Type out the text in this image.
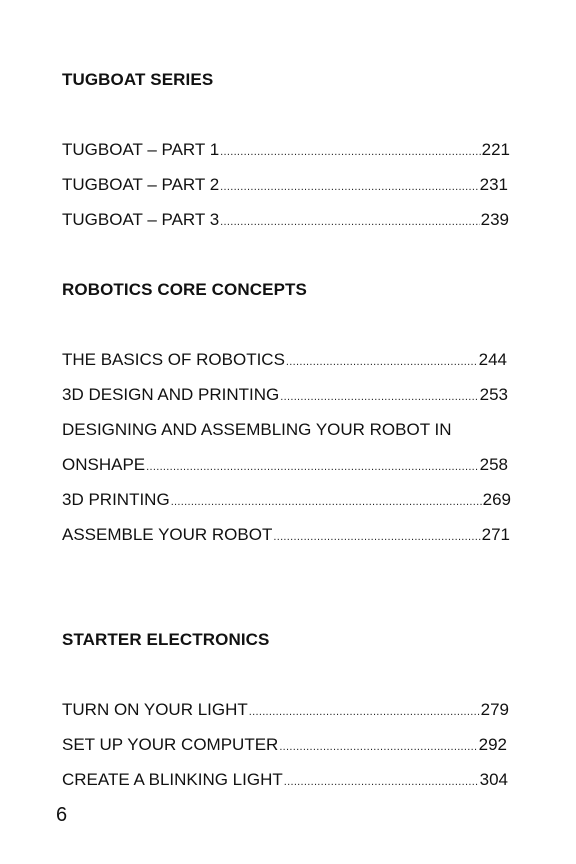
TUGBOAT SERIES
TUGBOAT – PART 1 .....	221
TUGBOAT – PART 2 .....	231
TUGBOAT – PART 3 .....	239
ROBOTICS CORE CONCEPTS
THE BASICS OF ROBOTICS .....	244
3D DESIGN AND PRINTING .....	253
DESIGNING AND ASSEMBLING YOUR ROBOT IN
ONSHAPE .....	258
3D PRINTING .....	269
ASSEMBLE YOUR ROBOT .....	271
STARTER ELECTRONICS
TURN ON YOUR LIGHT .....	279
SET UP YOUR COMPUTER .....	292
CREATE A BLINKING LIGHT .....	304
6
